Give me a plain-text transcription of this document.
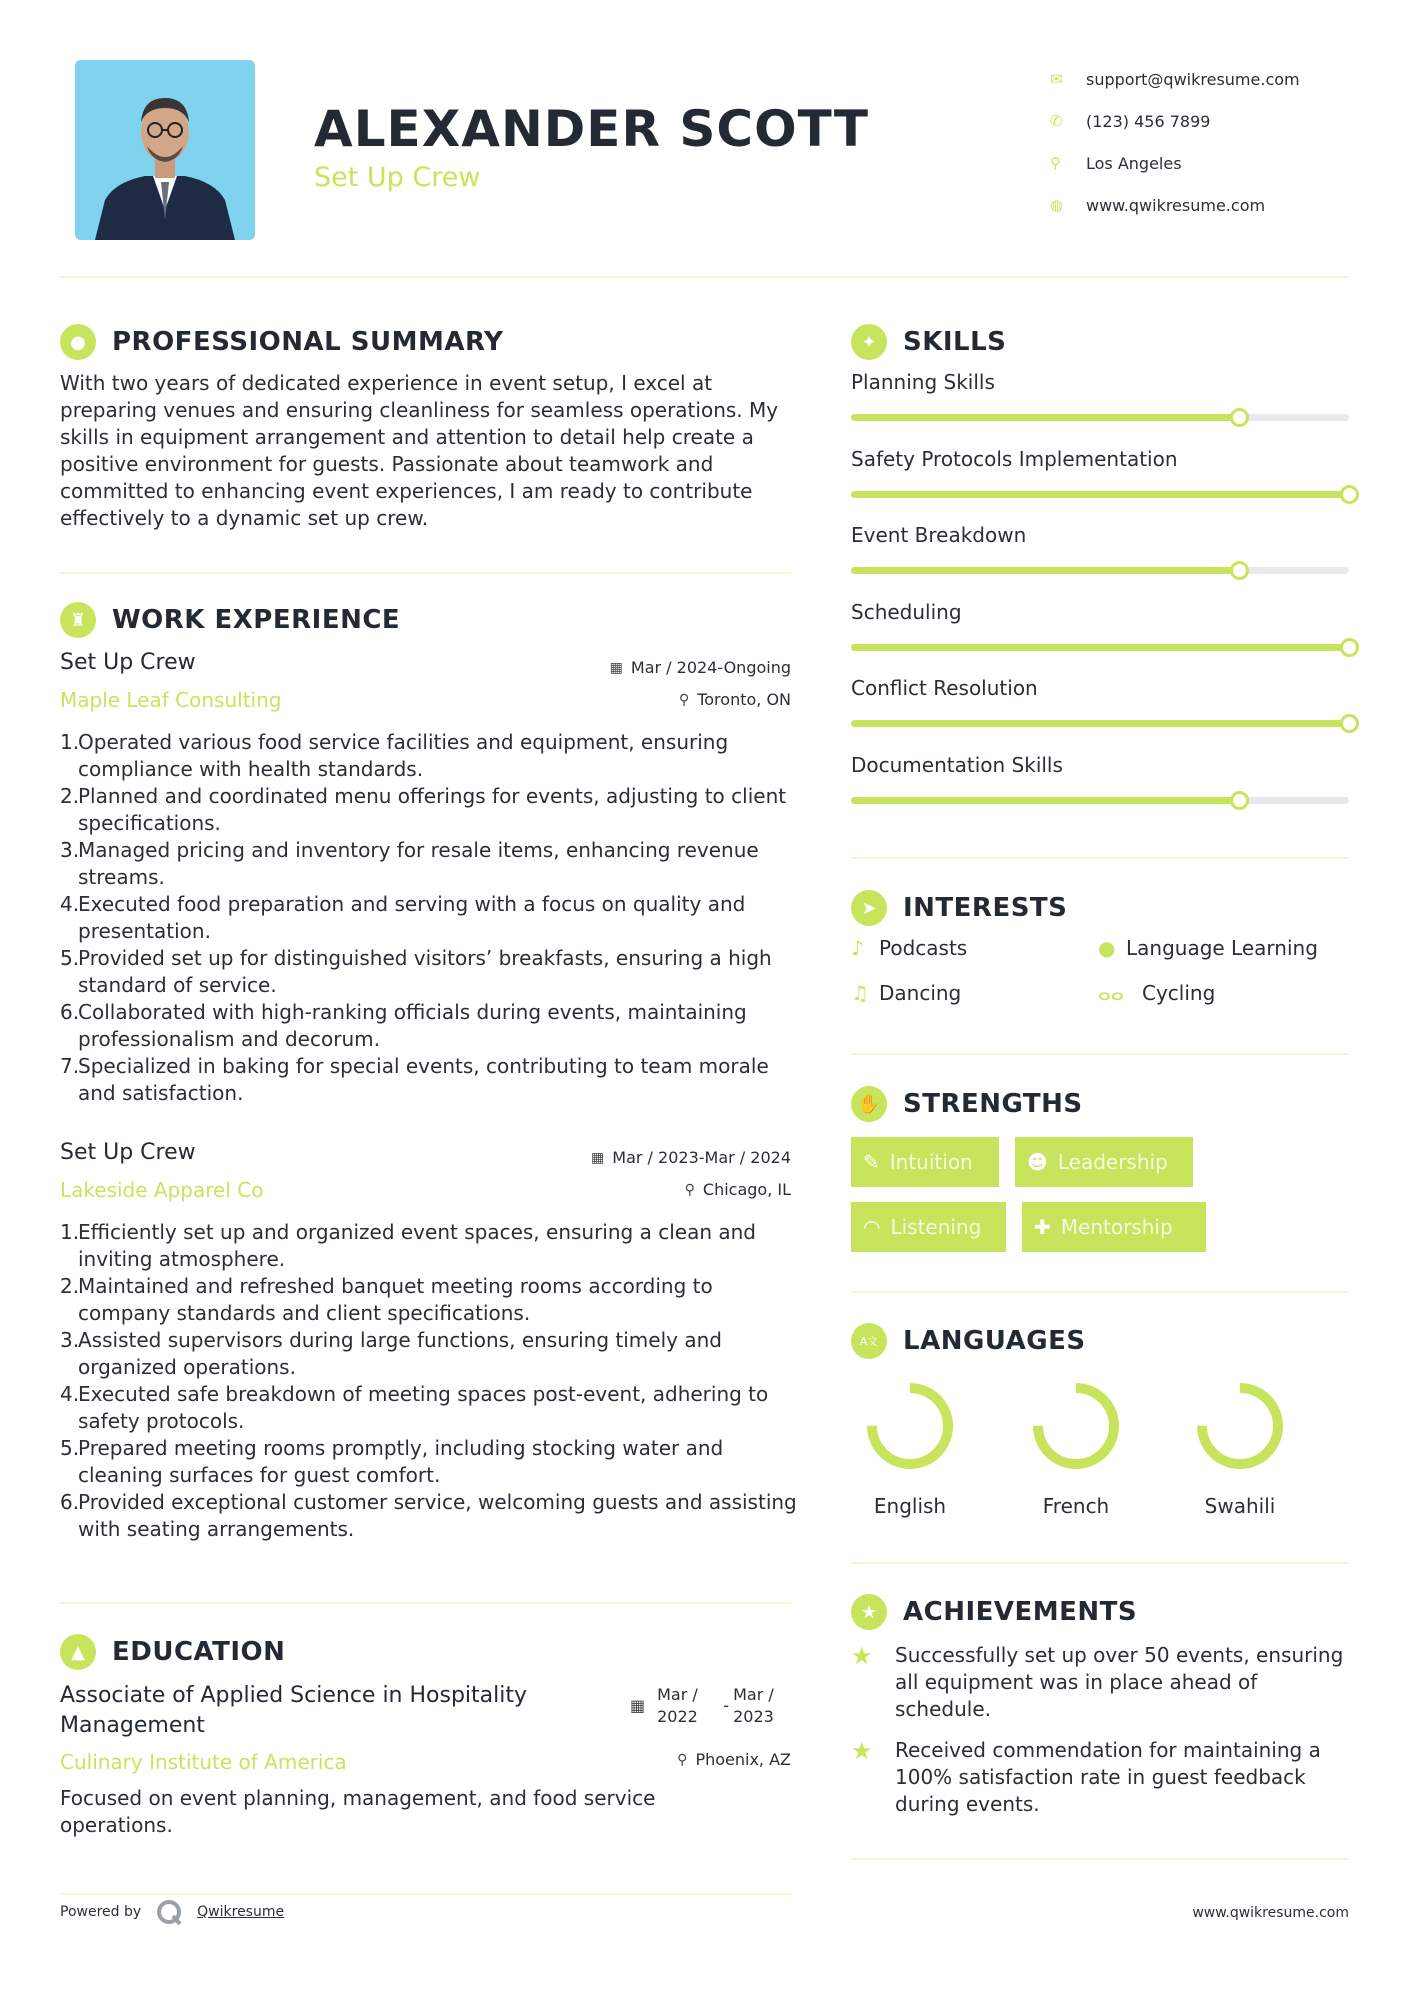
ALEXANDER SCOTT
Set Up Crew
✉	support@qwikresume.com
✆	(123) 456 7899
⚲	Los Angeles
◍	www.qwikresume.com
●	PROFESSIONAL SUMMARY
With two years of dedicated experience in event setup, I excel at preparing venues and ensuring cleanliness for seamless operations. My skills in equipment arrangement and attention to detail help create a positive environment for guests. Passionate about teamwork and committed to enhancing event experiences, I am ready to contribute effectively to a dynamic set up crew.
♜ WORK EXPERIENCE
Set Up Crew
Maple Leaf Consulting
▦ Mar / 2024-Ongoing
⚲ Toronto, ON
Operated various food service facilities and equipment, ensuring compliance with health standards.
Planned and coordinated menu offerings for events, adjusting to client specifications.
Managed pricing and inventory for resale items, enhancing revenue streams.
Executed food preparation and serving with a focus on quality and presentation.
Provided set up for distinguished visitors’ breakfasts, ensuring a high standard of service.
Collaborated with high-ranking officials during events, maintaining professionalism and decorum.
Specialized in baking for special events, contributing to team morale and satisfaction.
Set Up Crew
Lakeside Apparel Co
▦ Mar / 2023-Mar / 2024
⚲ Chicago, IL
Efficiently set up and organized event spaces, ensuring a clean and inviting atmosphere.
Maintained and refreshed banquet meeting rooms according to company standards and client specifications.
Assisted supervisors during large functions, ensuring timely and organized operations.
Executed safe breakdown of meeting spaces post-event, adhering to safety protocols.
Prepared meeting rooms promptly, including stocking water and cleaning surfaces for guest comfort.
Provided exceptional customer service, welcoming guests and assisting with seating arrangements.
▲	EDUCATION
Associate of Applied Science in Hospitality Management
Culinary Institute of America
▦
Mar / 2022
-
Mar / 2023
⚲ Phoenix, AZ
Focused on event planning, management, and food service operations.
✦	SKILLS
Planning Skills
Safety Protocols Implementation
Event Breakdown
Scheduling
Conflict Resolution
Documentation Skills
➤	INTERESTS
♪ Podcasts	● Language Learning
♫ Dancing	ⴰⴰ Cycling
✋ STRENGTHS
✎ Intuition	☻ Leadership
◠ Listening	✚ Mentorship
A文 LANGUAGES
English	French	Swahili
★ ACHIEVEMENTS
★	Successfully set up over 50 events, ensuring all equipment was in place ahead of schedule.
★	Received commendation for maintaining a 100% satisfaction rate in guest feedback during events.
Powered by	Qwikresume	www.qwikresume.com
